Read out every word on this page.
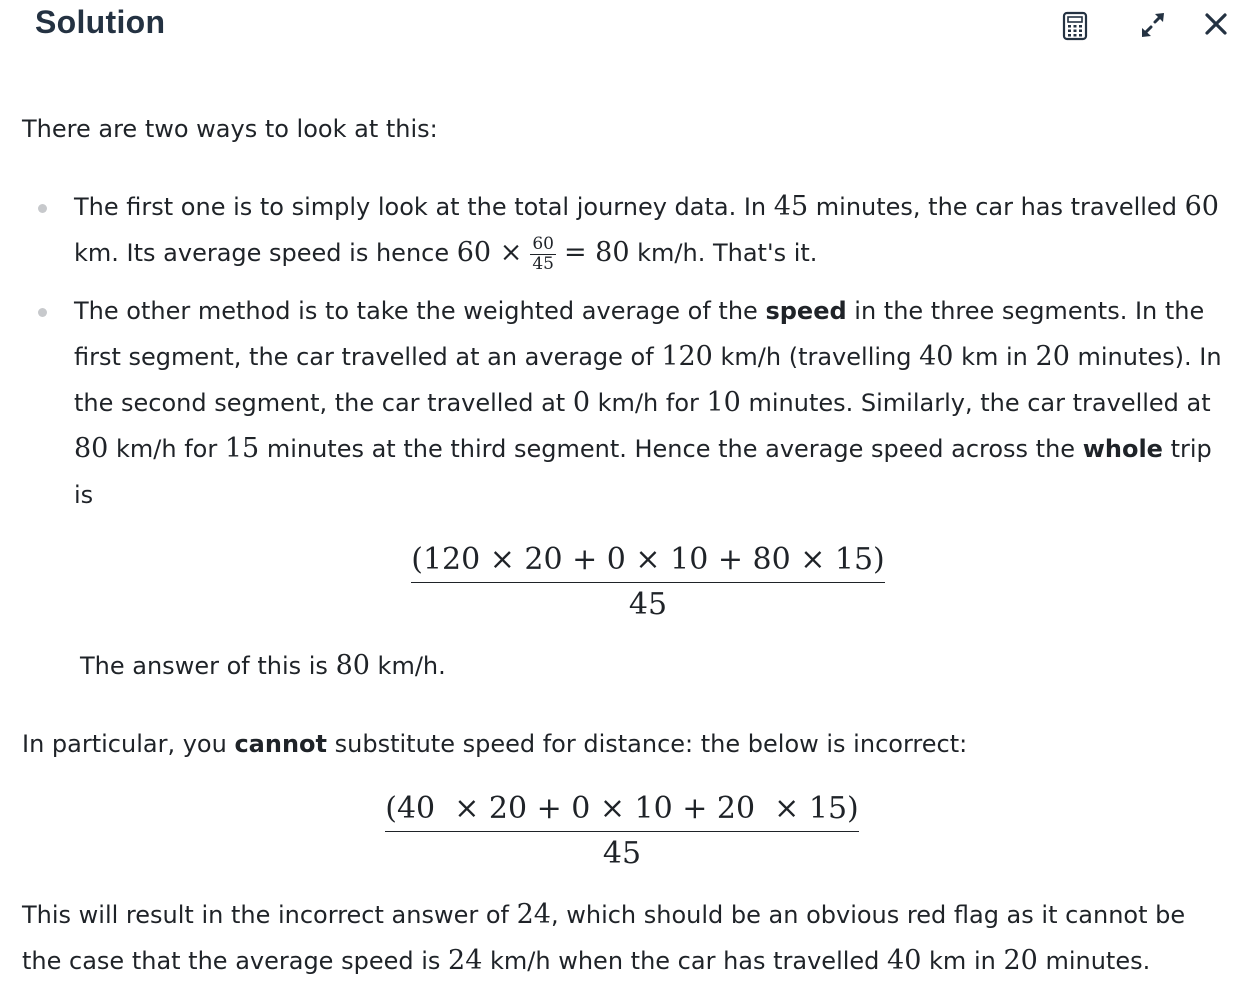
Solution

There are two ways to look at this:

The first one is to simply look at the total journey data. In 45 minutes, the car has travelled 60 km. Its average speed is hence $60 \times \frac{60}{45} = 80$ km/h. That's it.
The other method is to take the weighted average of the speed in the three segments. In the first segment, the car travelled at an average of 120 km/h (travelling 40 km in 20 minutes). In the second segment, the car travelled at 0 km/h for 10 minutes. Similarly, the car travelled at 80 km/h for 15 minutes at the third segment. Hence the average speed across the whole trip is
$\frac{(120 \times 20 + 0 \times 10 + 80 \times 15)}{45}$

The answer of this is 80 km/h.

In particular, you cannot substitute speed for distance: the below is incorrect:

$\frac{(40 \times 20 + 0 \times 10 + 20 \times 15)}{45}$

This will result in the incorrect answer of 24, which should be an obvious red flag as it cannot be the case that the average speed is 24 km/h when the car has travelled 40 km in 20 minutes.
